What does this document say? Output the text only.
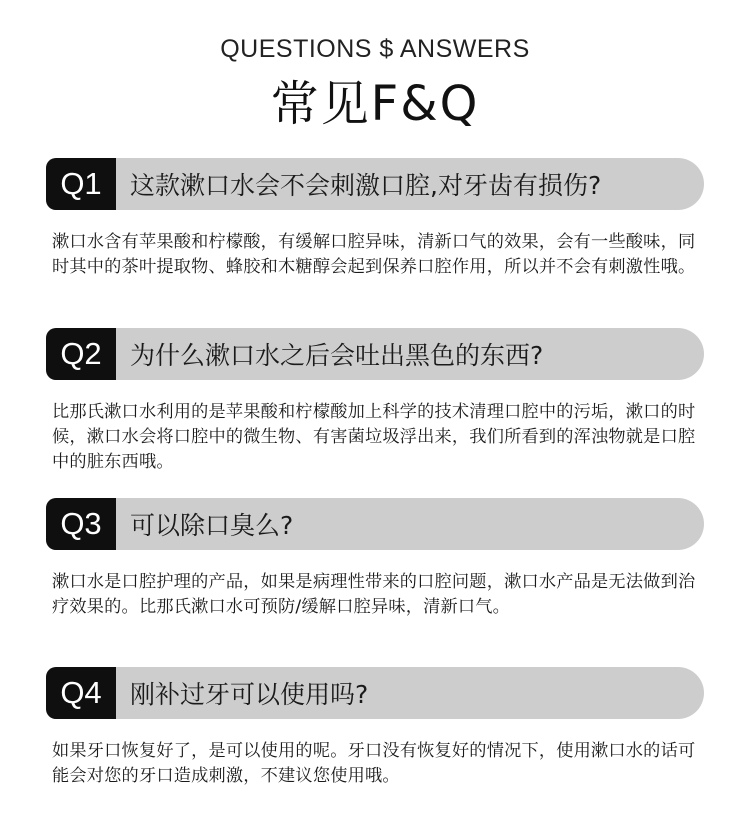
QUESTIONS $ ANSWERS
常见F&Q
Q1	这款漱口水会不会刺激口腔,对牙齿有损伤?
漱口水含有苹果酸和柠檬酸，有缓解口腔异味，清新口气的效果，会有一些酸味，同时其中的茶叶提取物、蜂胶和木糖醇会起到保养口腔作用，所以并不会有刺激性哦。
Q2	为什么漱口水之后会吐出黑色的东西?
比那氏漱口水利用的是苹果酸和柠檬酸加上科学的技术清理口腔中的污垢，漱口的时候，漱口水会将口腔中的微生物、有害菌垃圾浮出来，我们所看到的浑浊物就是口腔中的脏东西哦。
Q3	可以除口臭么?
漱口水是口腔护理的产品，如果是病理性带来的口腔问题，漱口水产品是无法做到治疗效果的。比那氏漱口水可预防/缓解口腔异味，清新口气。
Q4	刚补过牙可以使用吗?
如果牙口恢复好了，是可以使用的呢。牙口没有恢复好的情况下，使用漱口水的话可能会对您的牙口造成刺激，不建议您使用哦。
